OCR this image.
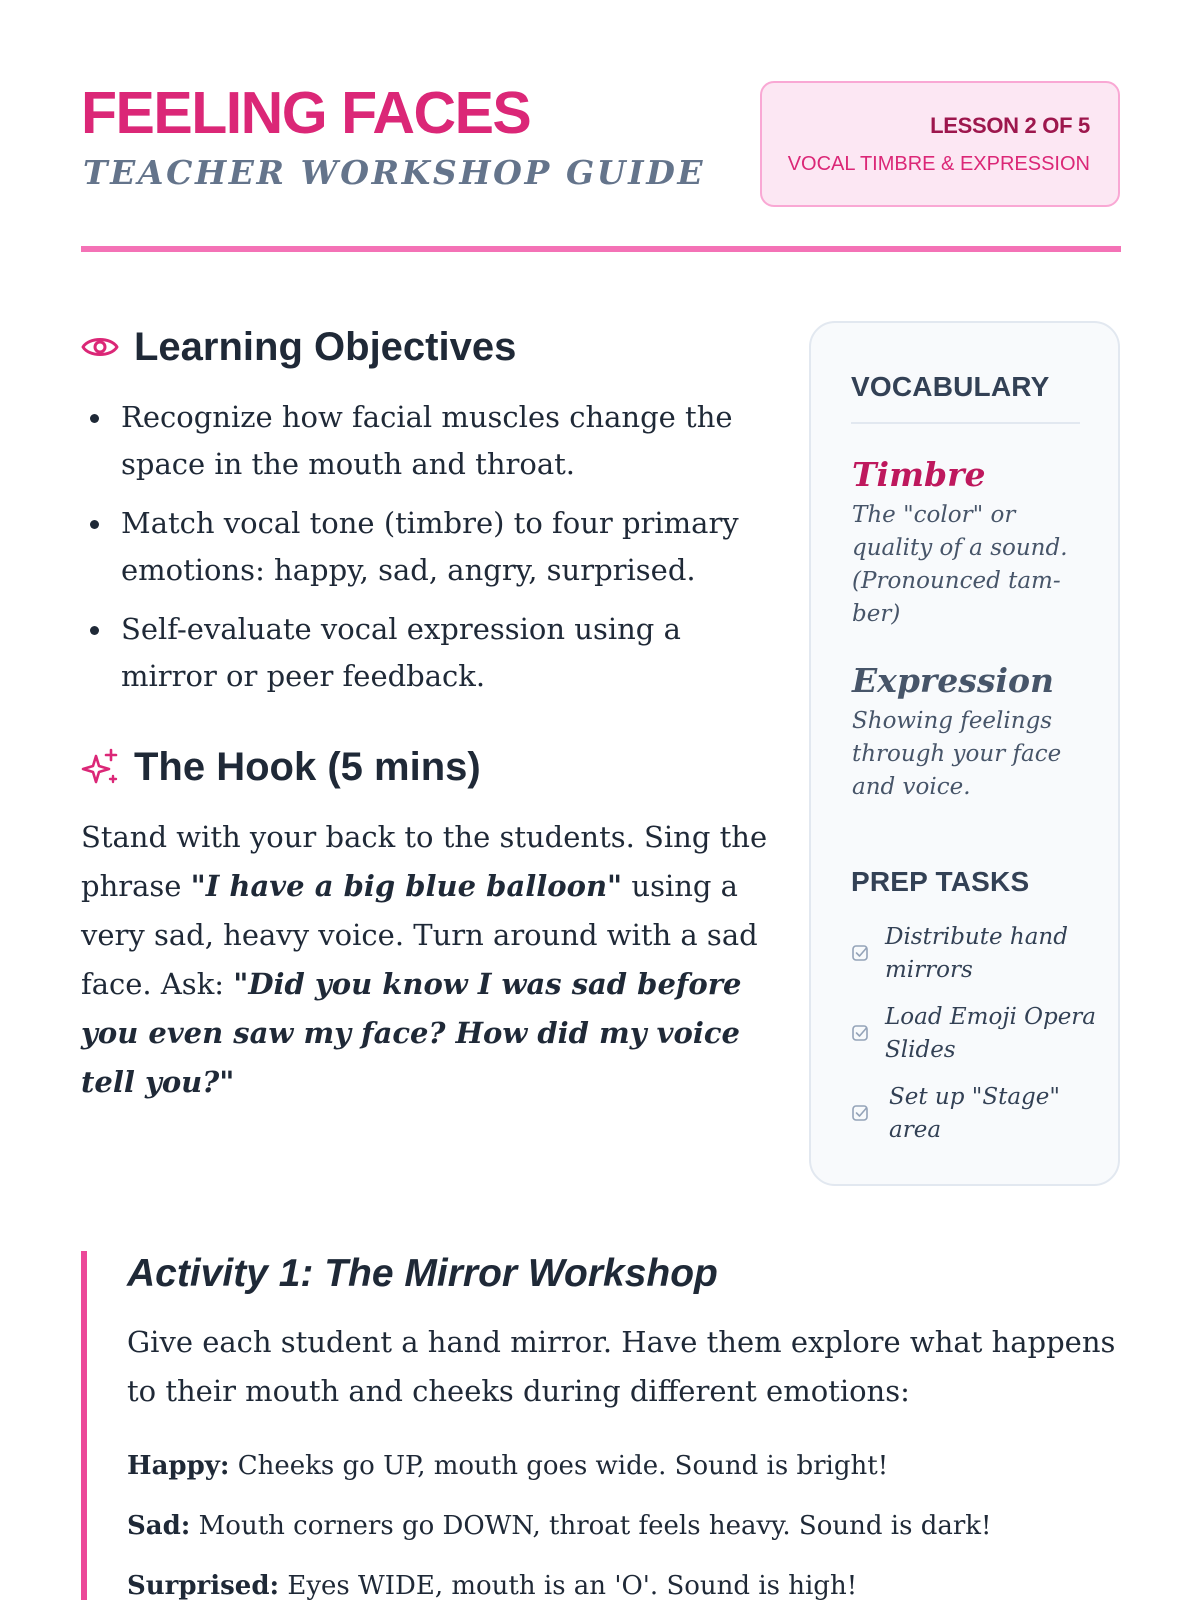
FEELING FACES
TEACHER WORKSHOP GUIDE
LESSON 2 OF 5
VOCAL TIMBRE & EXPRESSION
Learning Objectives
Recognize how facial muscles change the space in the mouth and throat.
Match vocal tone (timbre) to four primary emotions: happy, sad, angry, surprised.
Self-evaluate vocal expression using a mirror or peer feedback.
The Hook (5 mins)

Stand with your back to the students. Sing the phrase "I have a big blue balloon" using a very sad, heavy voice. Turn around with a sad face. Ask: "Did you know I was sad before you even saw my face? How did my voice tell you?"

VOCABULARY
Timbre
The "color" or quality of a sound. (Pronounced tam-ber)
Expression
Showing feelings through your face and voice.
PREP TASKS
Distribute hand mirrors
Load Emoji Opera Slides
Set up "Stage" area
Activity 1: The Mirror Workshop

Give each student a hand mirror. Have them explore what happens to their mouth and cheeks during different emotions:

Happy: Cheeks go UP, mouth goes wide. Sound is bright!
Sad: Mouth corners go DOWN, throat feels heavy. Sound is dark!
Surprised: Eyes WIDE, mouth is an 'O'. Sound is high!
